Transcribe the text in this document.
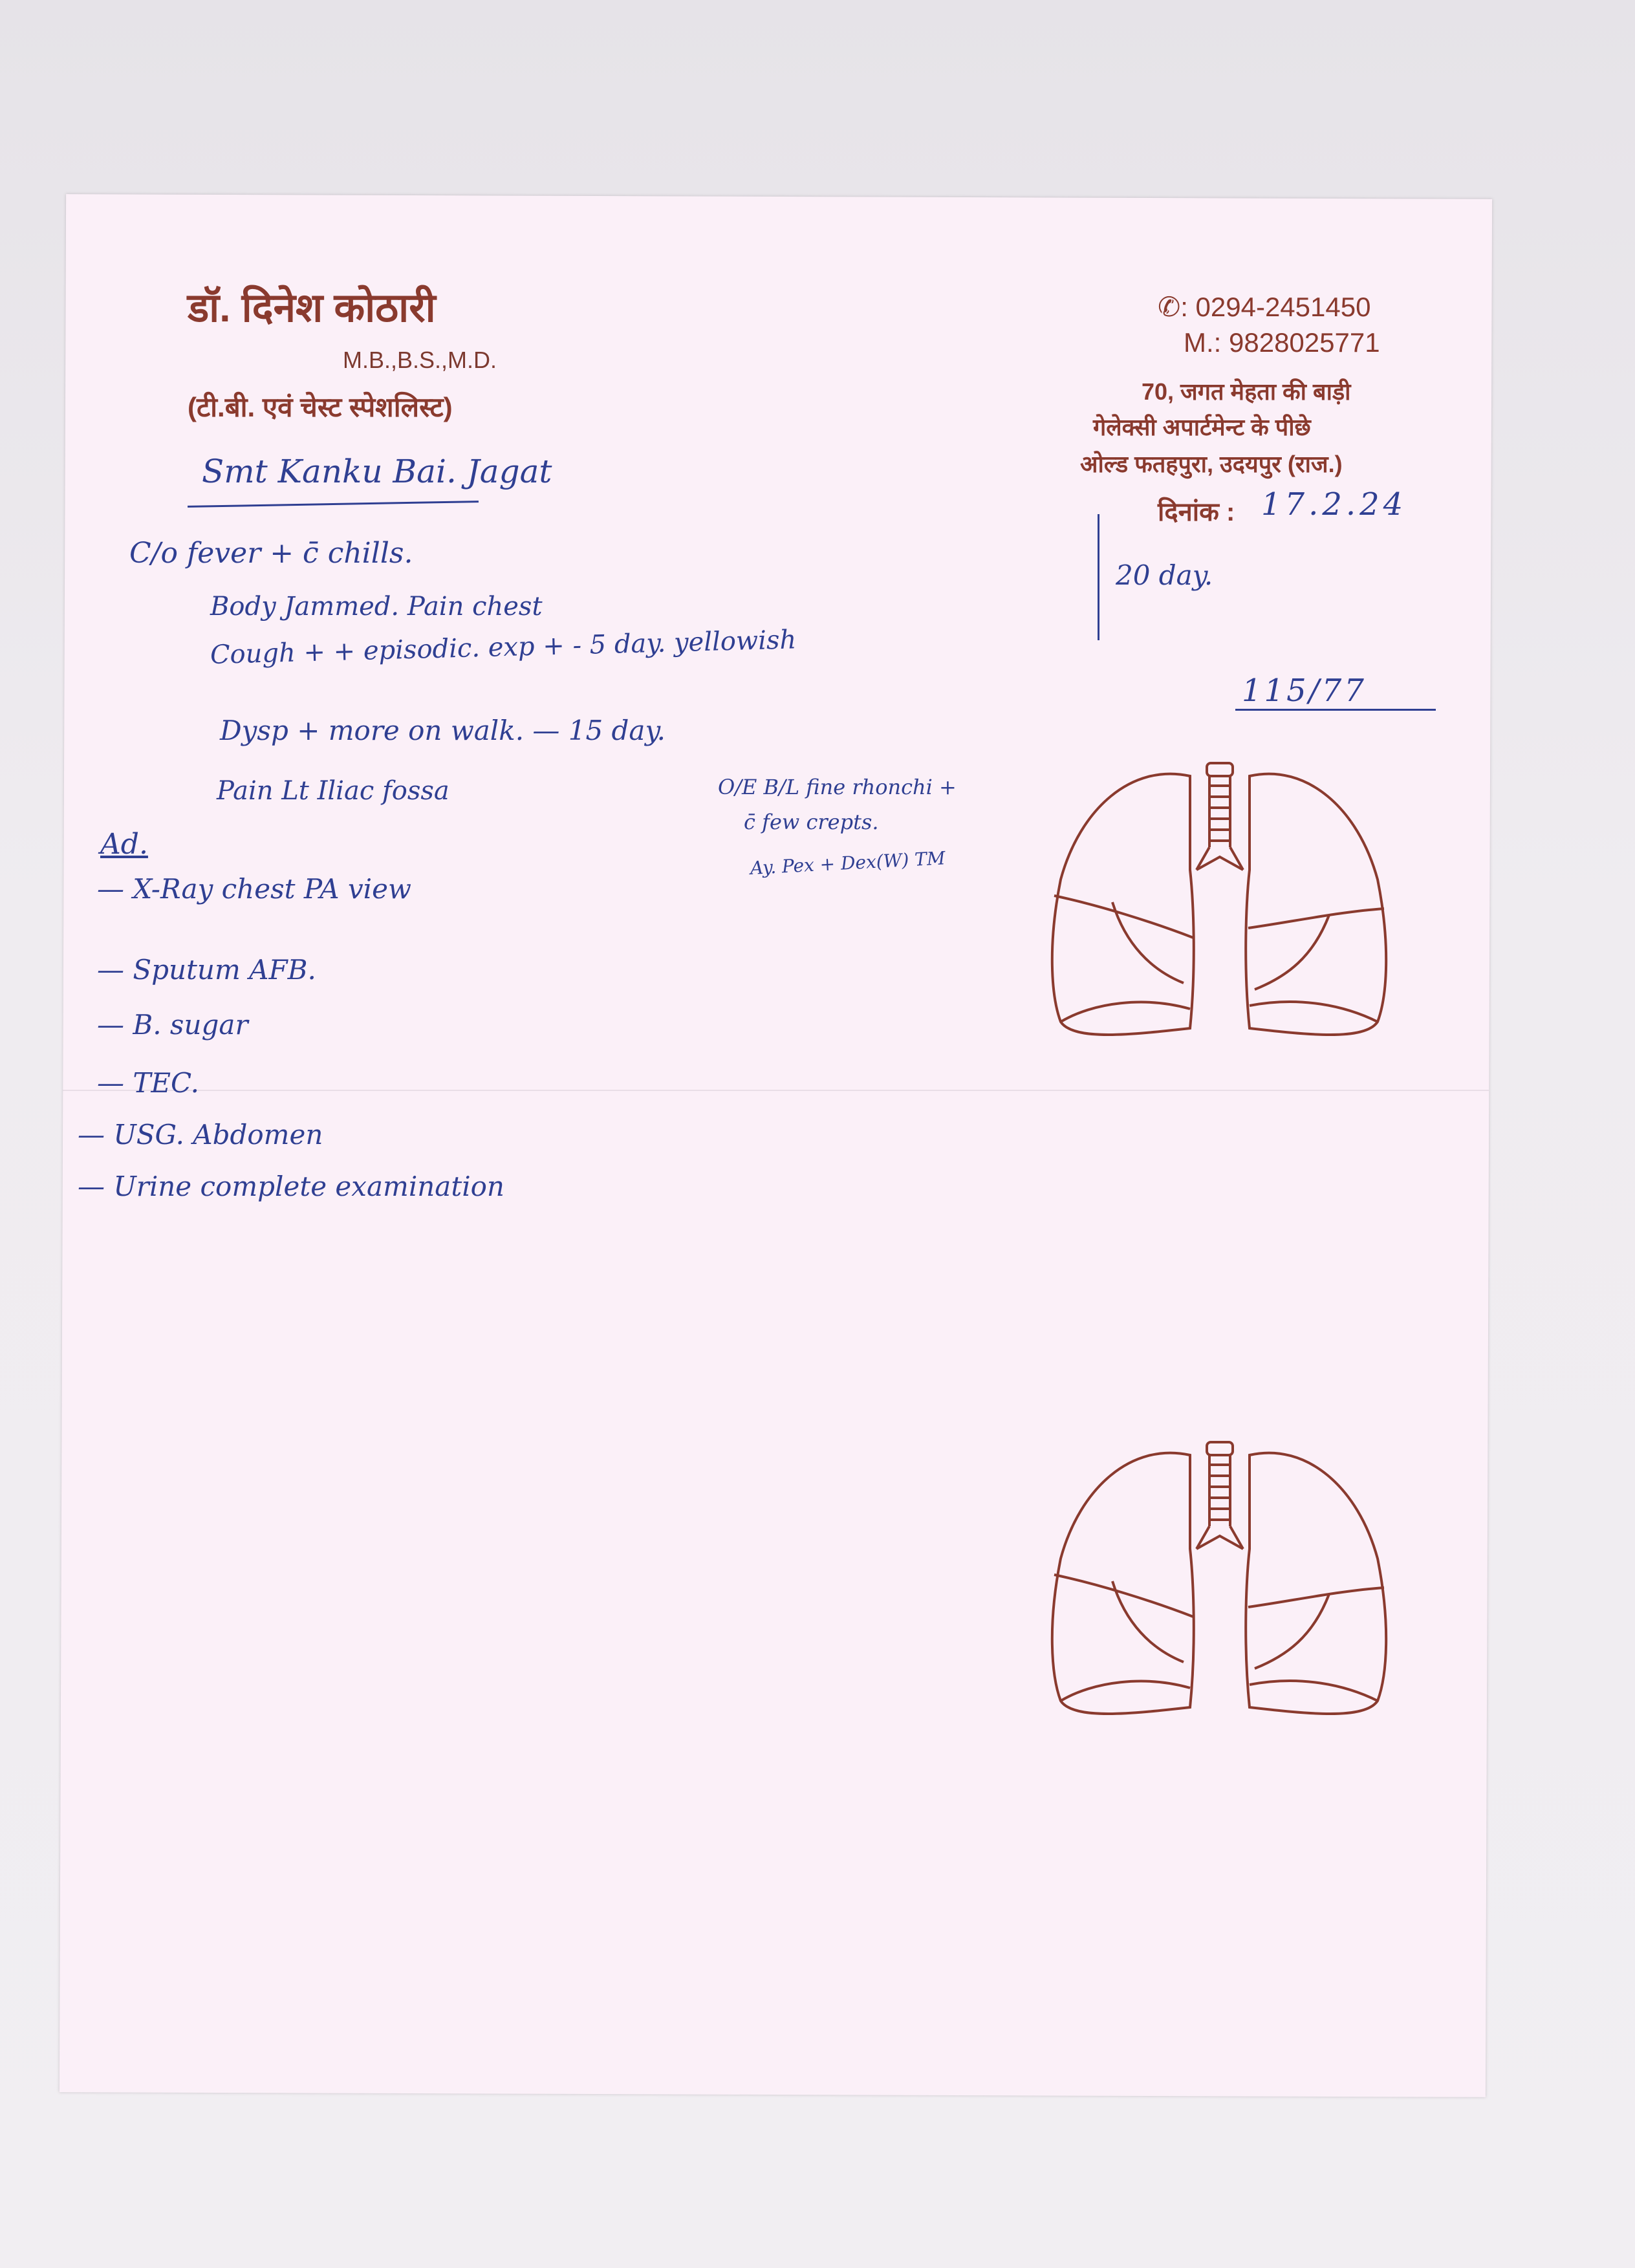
डॉ. दिनेश कोठारी
M.B.,B.S.,M.D.
(टी.बी. एवं चेस्ट स्पेशलिस्ट)
✆: 0294-2451450
M.: 9828025771
70, जगत मेहता की बाड़ी
गेलेक्सी अपार्टमेन्ट के पीछे
ओल्ड फतहपुरा, उदयपुर (राज.)
दिनांक :
Smt Kanku Bai. Jagat
17.2.24
20 day.
115/77
C/o fever + c̄ chills.
Body Jammed. Pain chest
Cough + + episodic. exp + - 5 day. yellowish
Dysp + more on walk. — 15 day.
Pain Lt Iliac fossa	O/E B/L fine rhonchi +
c̄ few crepts.
Ay. Pex + Dex(W) TM
Ad.
— X-Ray chest PA view
— Sputum AFB.
— B. sugar
— TEC.
— USG. Abdomen
— Urine complete examination
